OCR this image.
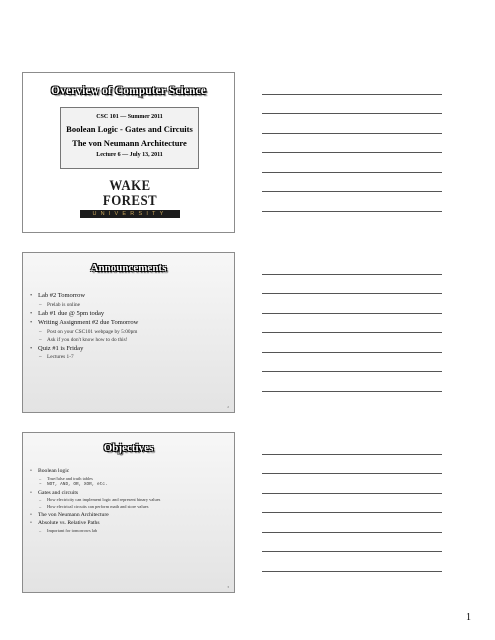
Overview of Computer Science
CSC 101 — Summer 2011
Boolean Logic - Gates and Circuits
The von Neumann Architecture
Lecture 6 — July 13, 2011
WAKE FOREST
UNIVERSITY
Announcements
• Lab #2 Tomorrow
– Prelab is online
• Lab #1 due @ 5pm today
• Writing Assignment #2 due Tomorrow
– Post on your CSC101 webpage by 5:00pm
– Ask if you don't know how to do this!
• Quiz #1 is Friday
– Lectures 1-7
2
Objectives
• Boolean logic
– True/false and truth tables
– NOT, AND, OR, XOR, etc.
• Gates and circuits
– How electricity can implement logic and represent binary values
– How electrical circuits can perform math and store values
• The von Neumann Architecture
• Absolute vs. Relative Paths
– Important for tomorrows lab
3
1
